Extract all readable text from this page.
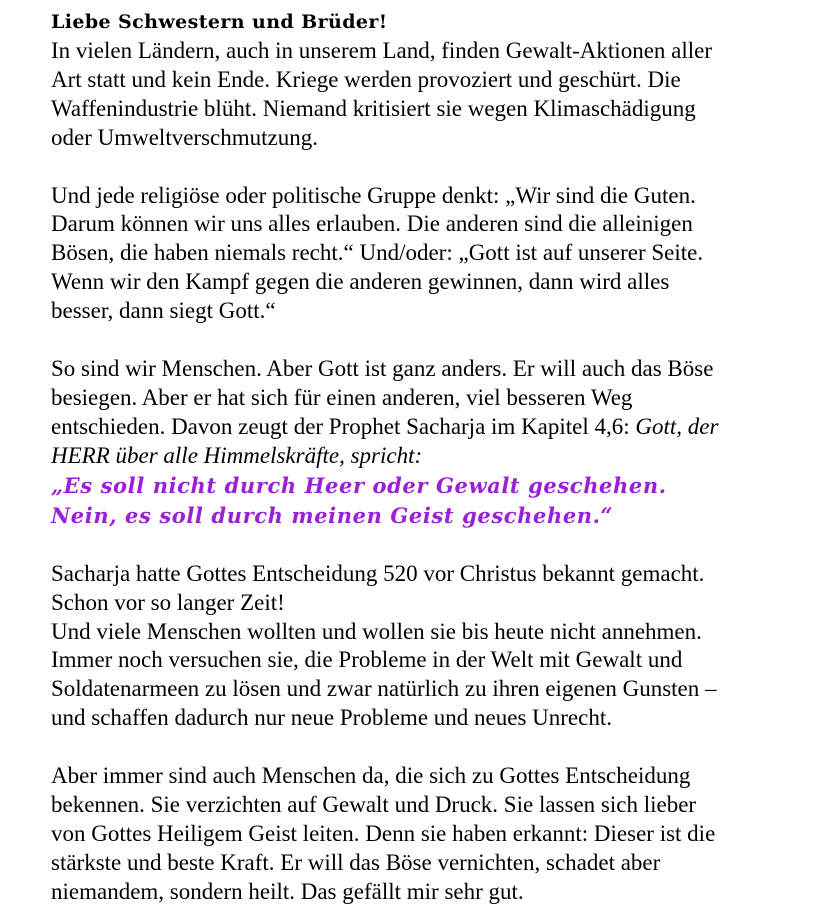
Liebe Schwestern und Brüder!

In vielen Ländern, auch in unserem Land, finden Gewalt-Aktionen aller
Art statt und kein Ende. Kriege werden provoziert und geschürt. Die
Waffenindustrie blüht. Niemand kritisiert sie wegen Klimaschädigung
oder Umweltverschmutzung.

Und jede religiöse oder politische Gruppe denkt: „Wir sind die Guten.
Darum können wir uns alles erlauben. Die anderen sind die alleinigen
Bösen, die haben niemals recht.“ Und/oder: „Gott ist auf unserer Seite.
Wenn wir den Kampf gegen die anderen gewinnen, dann wird alles
besser, dann siegt Gott.“

So sind wir Menschen. Aber Gott ist ganz anders. Er will auch das Böse
besiegen. Aber er hat sich für einen anderen, viel besseren Weg
entschieden. Davon zeugt der Prophet Sacharja im Kapitel 4,6: Gott, der
HERR über alle Himmelskräfte, spricht:

„Es soll nicht durch Heer oder Gewalt geschehen.
Nein, es soll durch meinen Geist geschehen.“

Sacharja hatte Gottes Entscheidung 520 vor Christus bekannt gemacht.
Schon vor so langer Zeit!
Und viele Menschen wollten und wollen sie bis heute nicht annehmen.
Immer noch versuchen sie, die Probleme in der Welt mit Gewalt und
Soldatenarmeen zu lösen und zwar natürlich zu ihren eigenen Gunsten –
und schaffen dadurch nur neue Probleme und neues Unrecht.

Aber immer sind auch Menschen da, die sich zu Gottes Entscheidung
bekennen. Sie verzichten auf Gewalt und Druck. Sie lassen sich lieber
von Gottes Heiligem Geist leiten. Denn sie haben erkannt: Dieser ist die
stärkste und beste Kraft. Er will das Böse vernichten, schadet aber
niemandem, sondern heilt. Das gefällt mir sehr gut.
